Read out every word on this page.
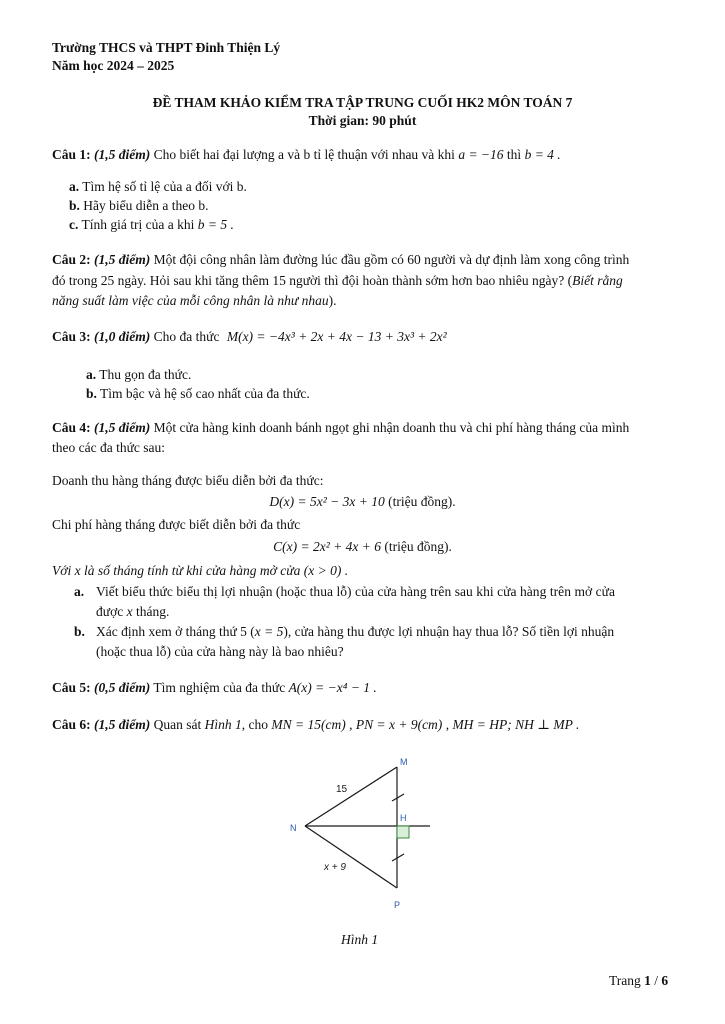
Trường THCS và THPT Đinh Thiện Lý
Năm học 2024 – 2025
ĐỀ THAM KHẢO KIỂM TRA TẬP TRUNG CUỐI HK2 MÔN TOÁN 7
Thời gian: 90 phút
Câu 1: (1,5 điểm) Cho biết hai đại lượng a và b tỉ lệ thuận với nhau và khi a = −16 thì b = 4 .
a. Tìm hệ số tỉ lệ của a đối với b.
b. Hãy biểu diễn a theo b.
c. Tính giá trị của a khi b = 5 .
Câu 2: (1,5 điểm) Một đội công nhân làm đường lúc đầu gồm có 60 người và dự định làm xong công trình
đó trong 25 ngày. Hỏi sau khi tăng thêm 15 người thì đội hoàn thành sớm hơn bao nhiêu ngày? (Biết rằng
năng suất làm việc của mỗi công nhân là như nhau).
Câu 3: (1,0 điểm) Cho đa thức M(x) = −4x³ + 2x + 4x − 13 + 3x³ + 2x²
a. Thu gọn đa thức.
b. Tìm bậc và hệ số cao nhất của đa thức.
Câu 4: (1,5 điểm) Một cửa hàng kinh doanh bánh ngọt ghi nhận doanh thu và chi phí hàng tháng của mình
theo các đa thức sau:
Doanh thu hàng tháng được biểu diễn bởi đa thức:
D(x) = 5x² − 3x + 10 (triệu đồng).
Chi phí hàng tháng được biết diễn bởi đa thức
C(x) = 2x² + 4x + 6 (triệu đồng).
Với x là số tháng tính từ khi cửa hàng mở cửa (x > 0) .
a. Viết biểu thức biểu thị lợi nhuận (hoặc thua lỗ) của cửa hàng trên sau khi cửa hàng trên mở cửa
được x tháng.
b. Xác định xem ở tháng thứ 5 (x = 5), cửa hàng thu được lợi nhuận hay thua lỗ? Số tiền lợi nhuận
(hoặc thua lỗ) của cửa hàng này là bao nhiêu?
Câu 5: (0,5 điểm) Tìm nghiệm của đa thức A(x) = −x⁴ − 1 .
Câu 6: (1,5 điểm) Quan sát Hình 1, cho MN = 15(cm) , PN = x + 9(cm) , MH = HP; NH ⊥ MP .
M
N
H
P
15
x + 9
Hình 1
Trang 1 / 6
